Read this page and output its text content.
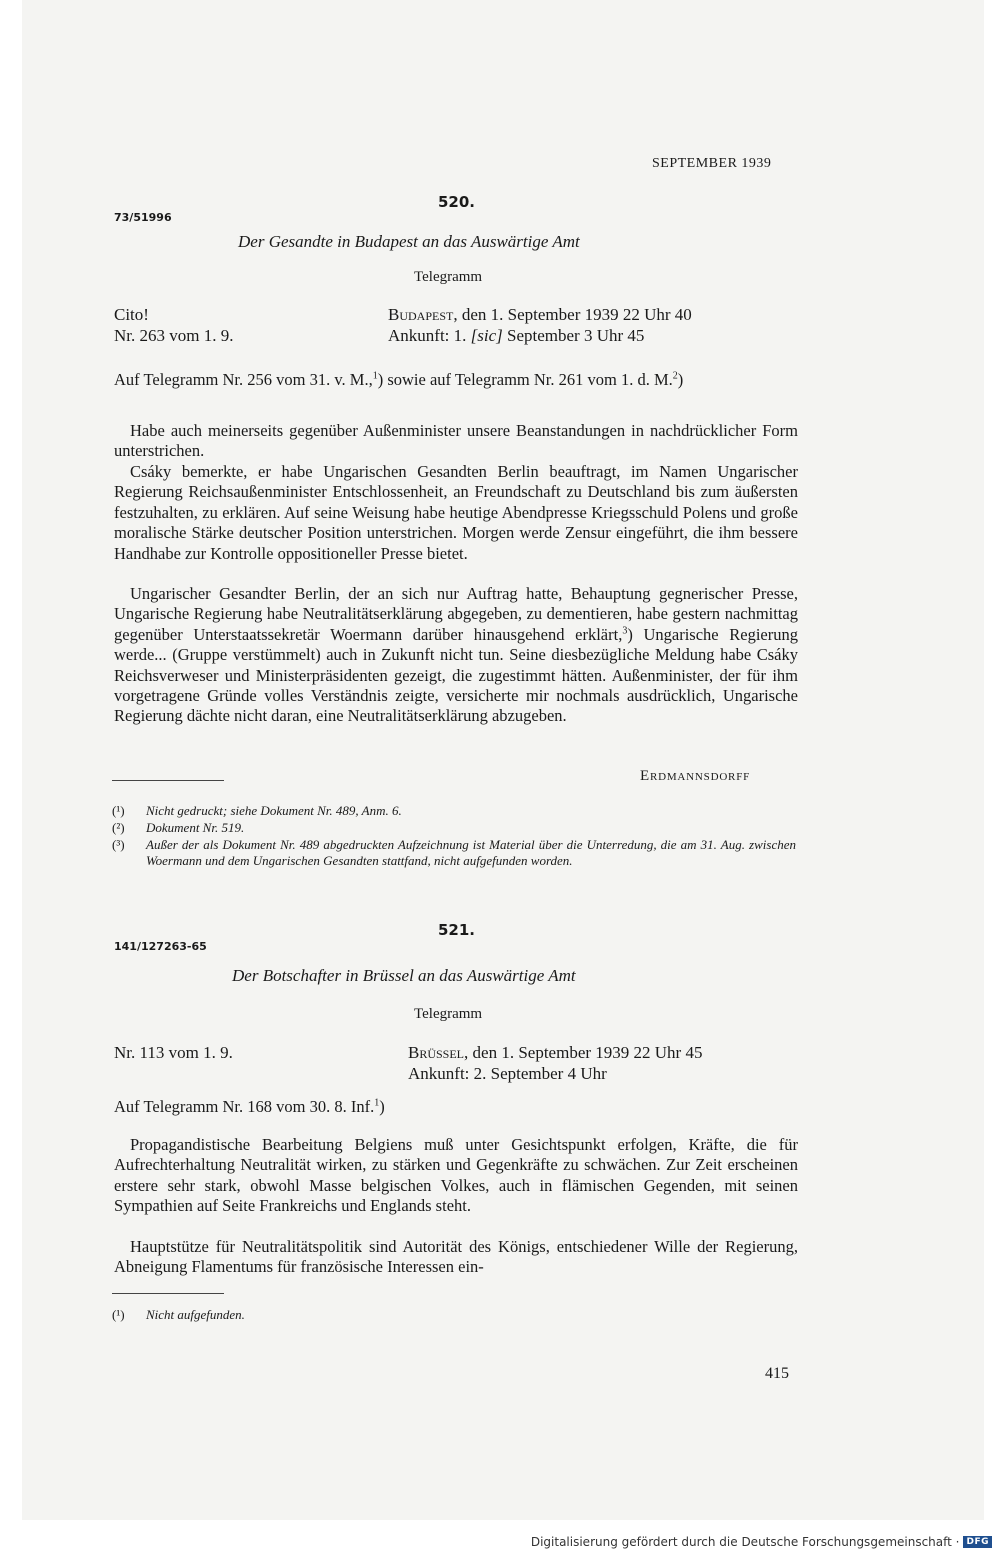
SEPTEMBER 1939
520.
73/51996
Der Gesandte in Budapest an das Auswärtige Amt
Telegramm
Cito!
Nr. 263 vom 1. 9.
Budapest, den 1. September 1939 22 Uhr 40
Ankunft: 1. [sic] September 3 Uhr 45

Auf Telegramm Nr. 256 vom 31. v. M.,$^1$) sowie auf Telegramm Nr. 261 vom 1. d. M.$^2$)

Habe auch meinerseits gegenüber Außenminister unsere Beanstandungen in nachdrücklicher Form unterstrichen.

Csáky bemerkte, er habe Ungarischen Gesandten Berlin beauftragt, im Namen Ungarischer Regierung Reichsaußenminister Entschlossenheit, an Freundschaft zu Deutschland bis zum äußersten festzuhalten, zu erklären. Auf seine Weisung habe heutige Abendpresse Kriegsschuld Polens und große moralische Stärke deutscher Position unterstrichen. Morgen werde Zensur eingeführt, die ihm bessere Handhabe zur Kontrolle oppositioneller Presse bietet.

Ungarischer Gesandter Berlin, der an sich nur Auftrag hatte, Behauptung gegnerischer Presse, Ungarische Regierung habe Neutralitätserklärung abgegeben, zu dementieren, habe gestern nachmittag gegenüber Unterstaatssekretär Woermann darüber hinausgehend erklärt,$^3$) Ungarische Regierung werde... (Gruppe verstümmelt) auch in Zukunft nicht tun. Seine diesbezügliche Meldung habe Csáky Reichsverweser und Ministerpräsidenten gezeigt, die zugestimmt hätten. Außenminister, der für ihm vorgetragene Gründe volles Verständnis zeigte, versicherte mir nochmals ausdrücklich, Ungarische Regierung dächte nicht daran, eine Neutralitätserklärung abzugeben.

Erdmannsdorff
(¹) Nicht gedruckt; siehe Dokument Nr. 489, Anm. 6.
(²) Dokument Nr. 519.
(³) Außer der als Dokument Nr. 489 abgedruckten Aufzeichnung ist Material über die Unterredung, die am 31. Aug. zwischen Woermann und dem Ungarischen Gesandten stattfand, nicht aufgefunden worden.
521.
141/127263-65
Der Botschafter in Brüssel an das Auswärtige Amt
Telegramm
Nr. 113 vom 1. 9.	Brüssel, den 1. September 1939 22 Uhr 45
Ankunft: 2. September 4 Uhr

Auf Telegramm Nr. 168 vom 30. 8. Inf.$^1$)

Propagandistische Bearbeitung Belgiens muß unter Gesichtspunkt erfolgen, Kräfte, die für Aufrechterhaltung Neutralität wirken, zu stärken und Gegenkräfte zu schwächen. Zur Zeit erscheinen erstere sehr stark, obwohl Masse belgischen Volkes, auch in flämischen Gegenden, mit seinen Sympathien auf Seite Frankreichs und Englands steht.

Hauptstütze für Neutralitätspolitik sind Autorität des Königs, entschiedener Wille der Regierung, Abneigung Flamentums für französische Interessen ein-

(¹) Nicht aufgefunden.
415
Digitalisierung gefördert durch die Deutsche Forschungsgemeinschaft · DFG
